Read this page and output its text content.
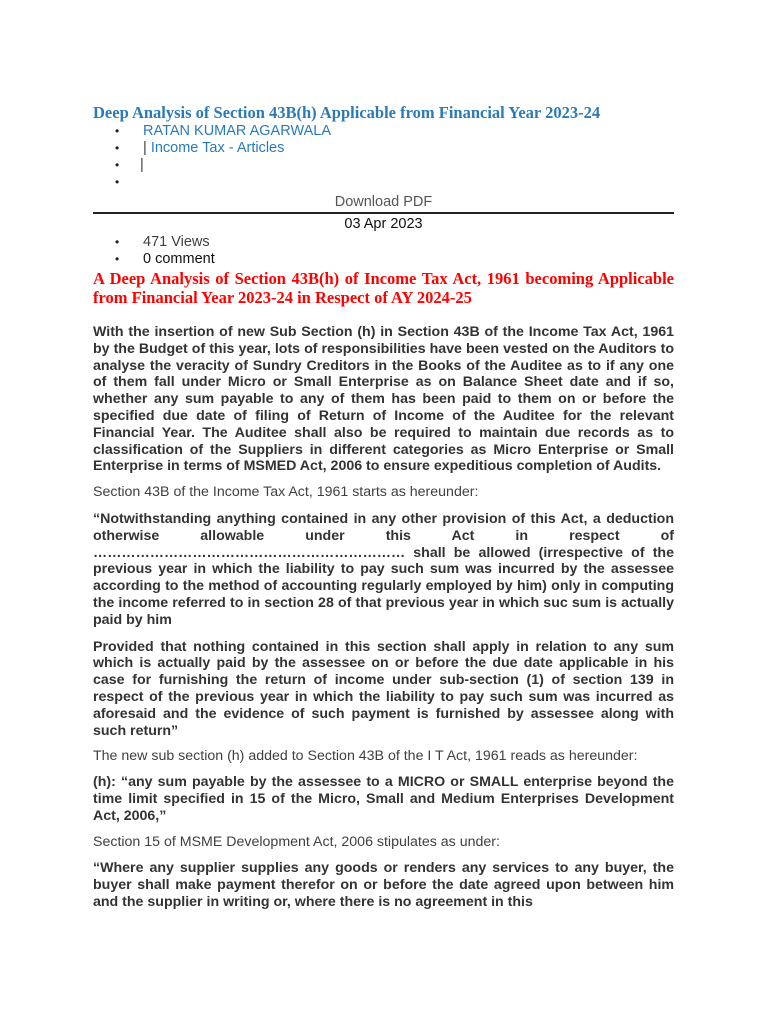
Deep Analysis of Section 43B(h) Applicable from Financial Year 2023-24
• RATAN KUMAR AGARWALA
• | Income Tax - Articles
• |
•
Download PDF
03 Apr 2023
• 471 Views
• 0 comment
A Deep Analysis of Section 43B(h) of Income Tax Act, 1961 becoming Applicable from Financial Year 2023-24 in Respect of AY 2024-25

With the insertion of new Sub Section (h) in Section 43B of the Income Tax Act, 1961 by the Budget of this year, lots of responsibilities have been vested on the Auditors to analyse the veracity of Sundry Creditors in the Books of the Auditee as to if any one of them fall under Micro or Small Enterprise as on Balance Sheet date and if so, whether any sum payable to any of them has been paid to them on or before the specified due date of filing of Return of Income of the Auditee for the relevant Financial Year. The Auditee shall also be required to maintain due records as to classification of the Suppliers in different categories as Micro Enterprise or Small Enterprise in terms of MSMED Act, 2006 to ensure expeditious completion of Audits.

Section 43B of the Income Tax Act, 1961 starts as hereunder:

“Notwithstanding anything contained in any other provision of this Act, a deduction otherwise allowable under this Act in respect of ………………………………………………………… shall be allowed (irrespective of the previous year in which the liability to pay such sum was incurred by the assessee according to the method of accounting regularly employed by him) only in computing the income referred to in section 28 of that previous year in which suc sum is actually paid by him

Provided that nothing contained in this section shall apply in relation to any sum which is actually paid by the assessee on or before the due date applicable in his case for furnishing the return of income under sub-section (1) of section 139 in respect of the previous year in which the liability to pay such sum was incurred as aforesaid and the evidence of such payment is furnished by assessee along with such return”

The new sub section (h) added to Section 43B of the I T Act, 1961 reads as hereunder:

(h): “any sum payable by the assessee to a MICRO or SMALL enterprise beyond the time limit specified in 15 of the Micro, Small and Medium Enterprises Development Act, 2006,”

Section 15 of MSME Development Act, 2006 stipulates as under:

“Where any supplier supplies any goods or renders any services to any buyer, the buyer shall make payment therefor on or before the date agreed upon between him and the supplier in writing or, where there is no agreement in this
